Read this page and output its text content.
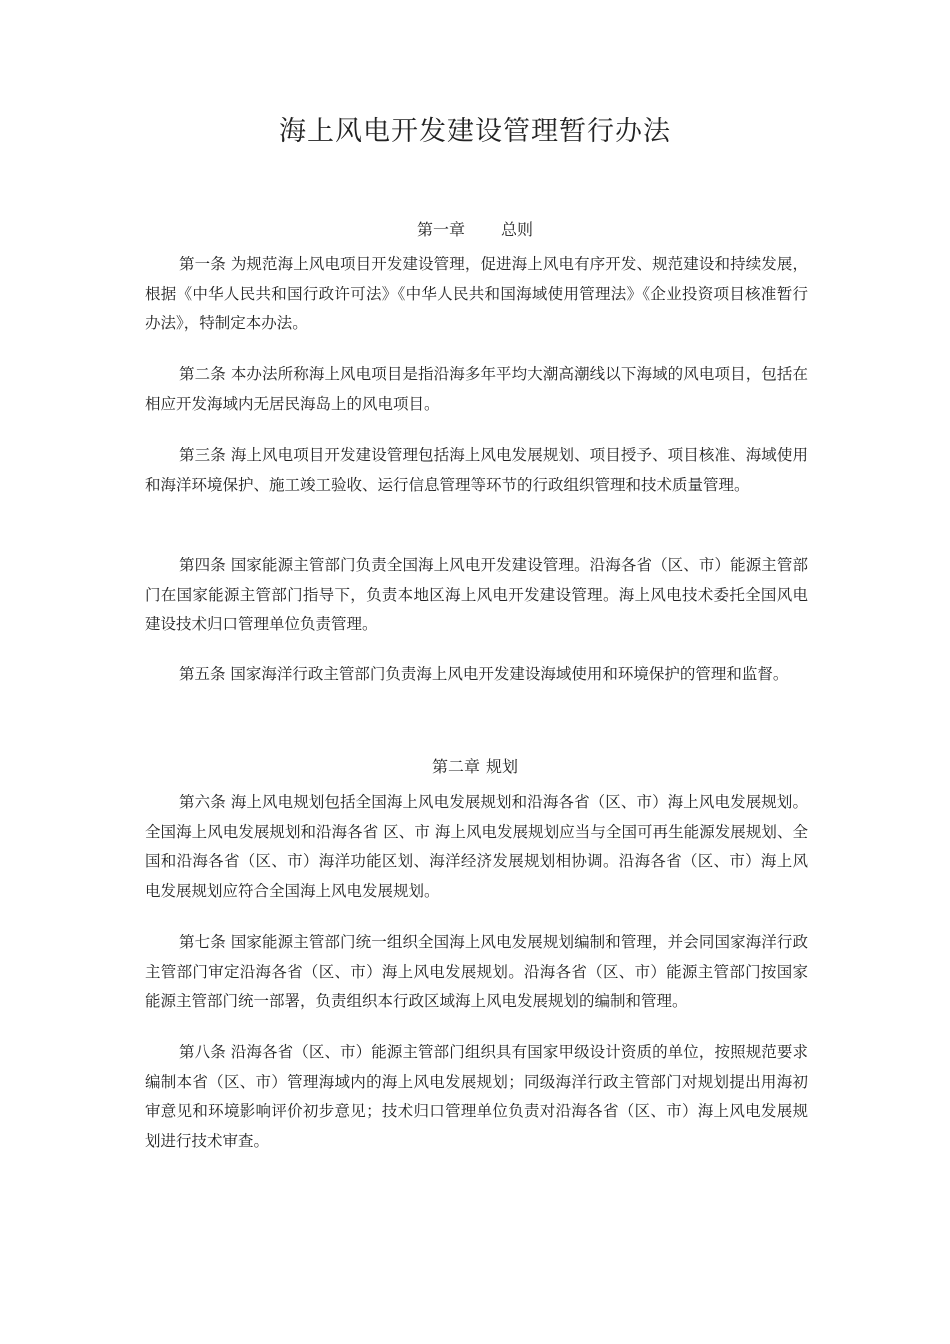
海上风电开发建设管理暂行办法
第一章 总则

第一条 为规范海上风电项目开发建设管理，促进海上风电有序开发、规范建设和持续发展，根据《中华人民共和国行政许可法》《中华人民共和国海域使用管理法》《企业投资项目核准暂行办法》，特制定本办法。

第二条 本办法所称海上风电项目是指沿海多年平均大潮高潮线以下海域的风电项目，包括在相应开发海域内无居民海岛上的风电项目。

第三条 海上风电项目开发建设管理包括海上风电发展规划、项目授予、项目核准、海域使用和海洋环境保护、施工竣工验收、运行信息管理等环节的行政组织管理和技术质量管理。

第四条 国家能源主管部门负责全国海上风电开发建设管理。沿海各省（区、市）能源主管部门在国家能源主管部门指导下，负责本地区海上风电开发建设管理。海上风电技术委托全国风电建设技术归口管理单位负责管理。

第五条 国家海洋行政主管部门负责海上风电开发建设海域使用和环境保护的管理和监督。

第二章 规划

第六条 海上风电规划包括全国海上风电发展规划和沿海各省（区、市）海上风电发展规划。全国海上风电发展规划和沿海各省 区、市 海上风电发展规划应当与全国可再生能源发展规划、全国和沿海各省（区、市）海洋功能区划、海洋经济发展规划相协调。沿海各省（区、市）海上风电发展规划应符合全国海上风电发展规划。

第七条 国家能源主管部门统一组织全国海上风电发展规划编制和管理，并会同国家海洋行政主管部门审定沿海各省（区、市）海上风电发展规划。沿海各省（区、市）能源主管部门按国家能源主管部门统一部署，负责组织本行政区域海上风电发展规划的编制和管理。

第八条 沿海各省（区、市）能源主管部门组织具有国家甲级设计资质的单位，按照规范要求编制本省（区、市）管理海域内的海上风电发展规划；同级海洋行政主管部门对规划提出用海初审意见和环境影响评价初步意见；技术归口管理单位负责对沿海各省（区、市）海上风电发展规划进行技术审查。
